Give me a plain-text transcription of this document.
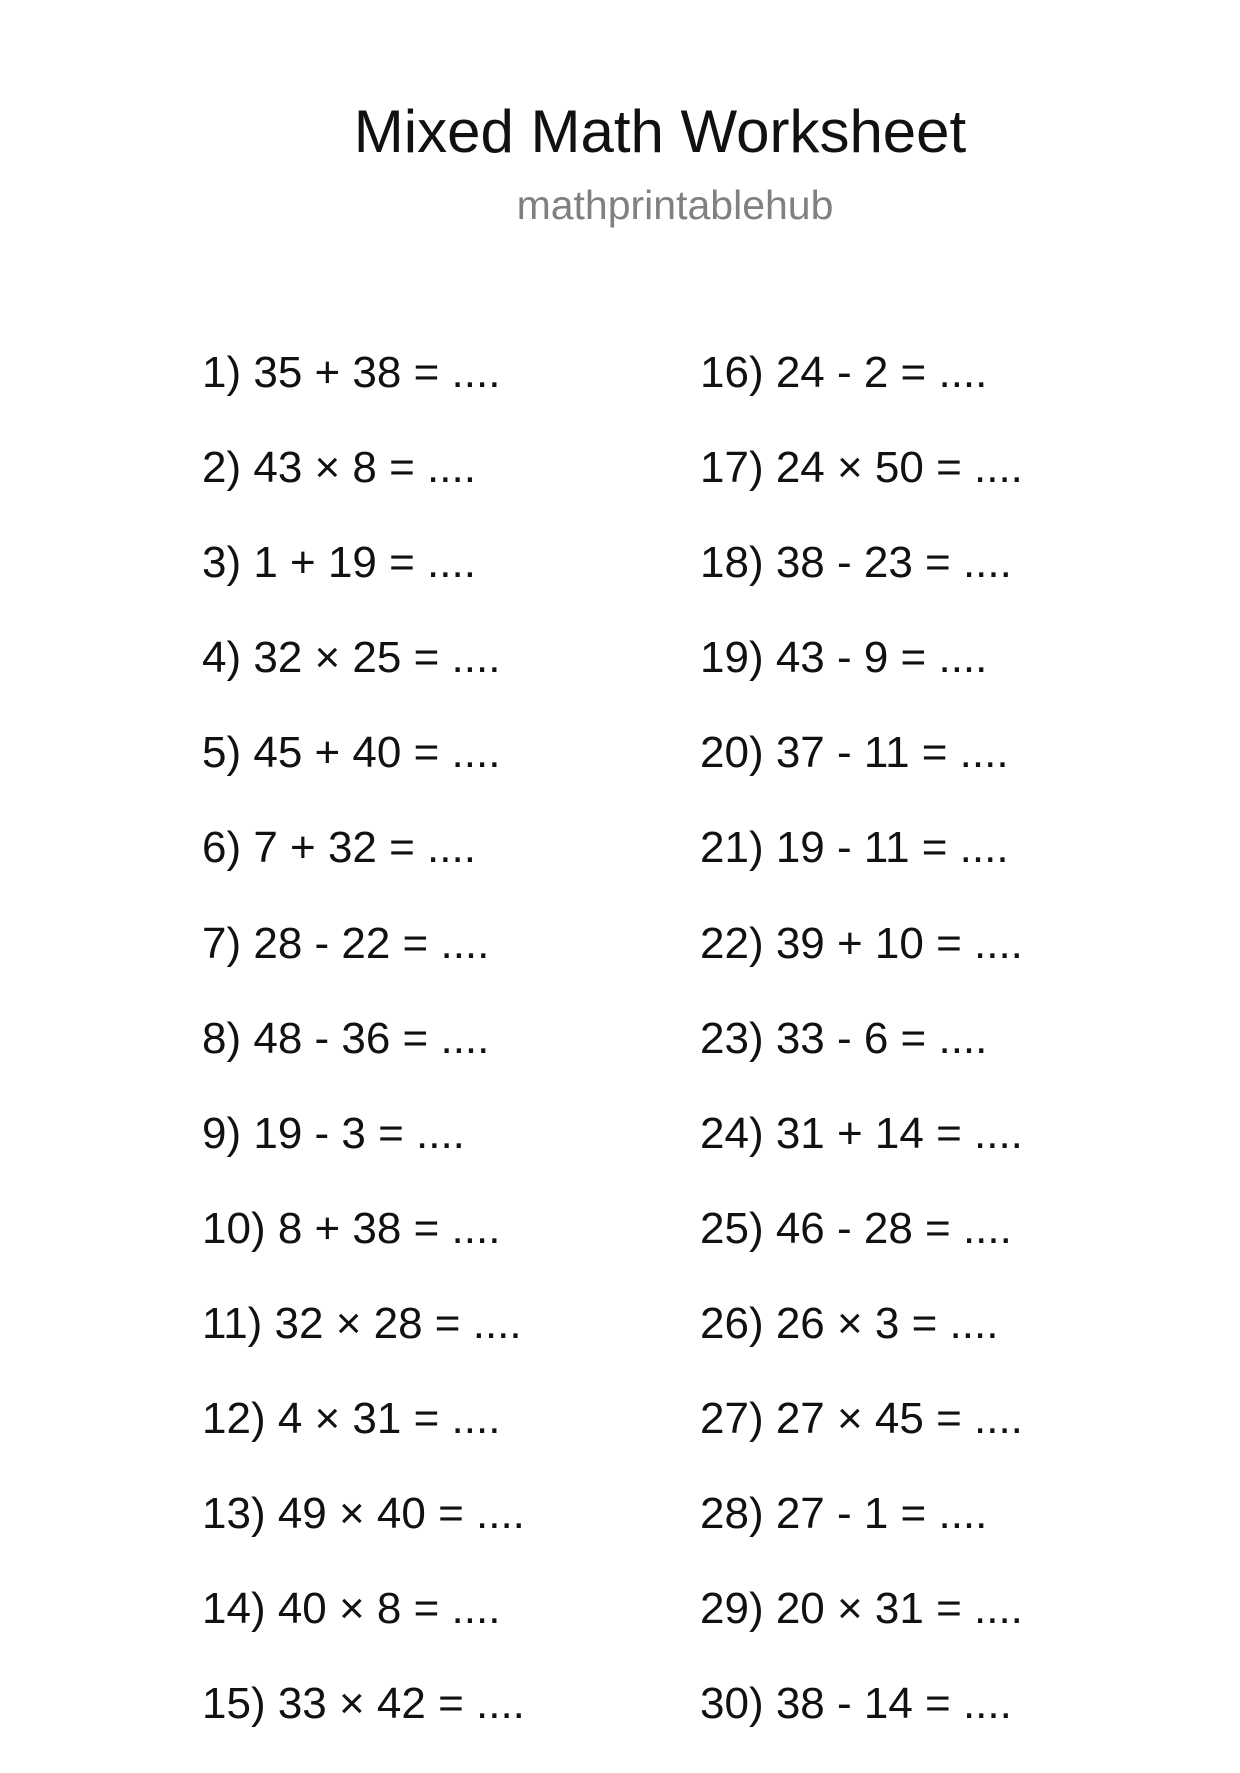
Mixed Math Worksheet
mathprintablehub
1) 35 + 38 = ....
2) 43 × 8 = ....
3) 1 + 19 = ....
4) 32 × 25 = ....
5) 45 + 40 = ....
6) 7 + 32 = ....
7) 28 - 22 = ....
8) 48 - 36 = ....
9) 19 - 3 = ....
10) 8 + 38 = ....
11) 32 × 28 = ....
12) 4 × 31 = ....
13) 49 × 40 = ....
14) 40 × 8 = ....
15) 33 × 42 = ....
16) 24 - 2 = ....
17) 24 × 50 = ....
18) 38 - 23 = ....
19) 43 - 9 = ....
20) 37 - 11 = ....
21) 19 - 11 = ....
22) 39 + 10 = ....
23) 33 - 6 = ....
24) 31 + 14 = ....
25) 46 - 28 = ....
26) 26 × 3 = ....
27) 27 × 45 = ....
28) 27 - 1 = ....
29) 20 × 31 = ....
30) 38 - 14 = ....
